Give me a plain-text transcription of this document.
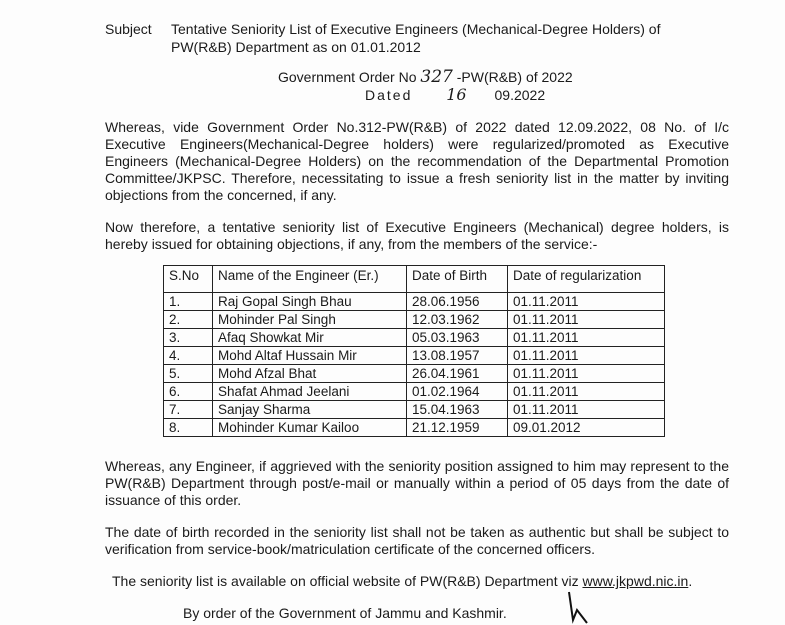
Subject Tentative Seniority List of Executive Engineers (Mechanical-Degree Holders) of
PW(R&B) Department as on 01.01.2012
Government Order No 327 -PW(R&B) of 2022
Dated 16 09.2022
Whereas, vide Government Order No.312-PW(R&B) of 2022 dated 12.09.2022, 08 No. of I/c Executive Engineers(Mechanical-Degree holders) were regularized/promoted as Executive Engineers (Mechanical-Degree Holders) on the recommendation of the Departmental Promotion Committee/JKPSC. Therefore, necessitating to issue a fresh seniority list in the matter by inviting objections from the concerned, if any.
Now therefore, a tentative seniority list of Executive Engineers (Mechanical) degree holders, is hereby issued for obtaining objections, if any, from the members of the service:-
S.No	Name of the Engineer (Er.)	Date of Birth	Date of regularization
1.	Raj Gopal Singh Bhau	28.06.1956	01.11.2011
2.	Mohinder Pal Singh	12.03.1962	01.11.2011
3.	Afaq Showkat Mir	05.03.1963	01.11.2011
4.	Mohd Altaf Hussain Mir	13.08.1957	01.11.2011
5.	Mohd Afzal Bhat	26.04.1961	01.11.2011
6.	Shafat Ahmad Jeelani	01.02.1964	01.11.2011
7.	Sanjay Sharma	15.04.1963	01.11.2011
8.	Mohinder Kumar Kailoo	21.12.1959	09.01.2012
Whereas, any Engineer, if aggrieved with the seniority position assigned to him may represent to the PW(R&B) Department through post/e-mail or manually within a period of 05 days from the date of issuance of this order.
The date of birth recorded in the seniority list shall not be taken as authentic but shall be subject to verification from service-book/matriculation certificate of the concerned officers.
The seniority list is available on official website of PW(R&B) Department viz www.jkpwd.nic.in.
By order of the Government of Jammu and Kashmir.
